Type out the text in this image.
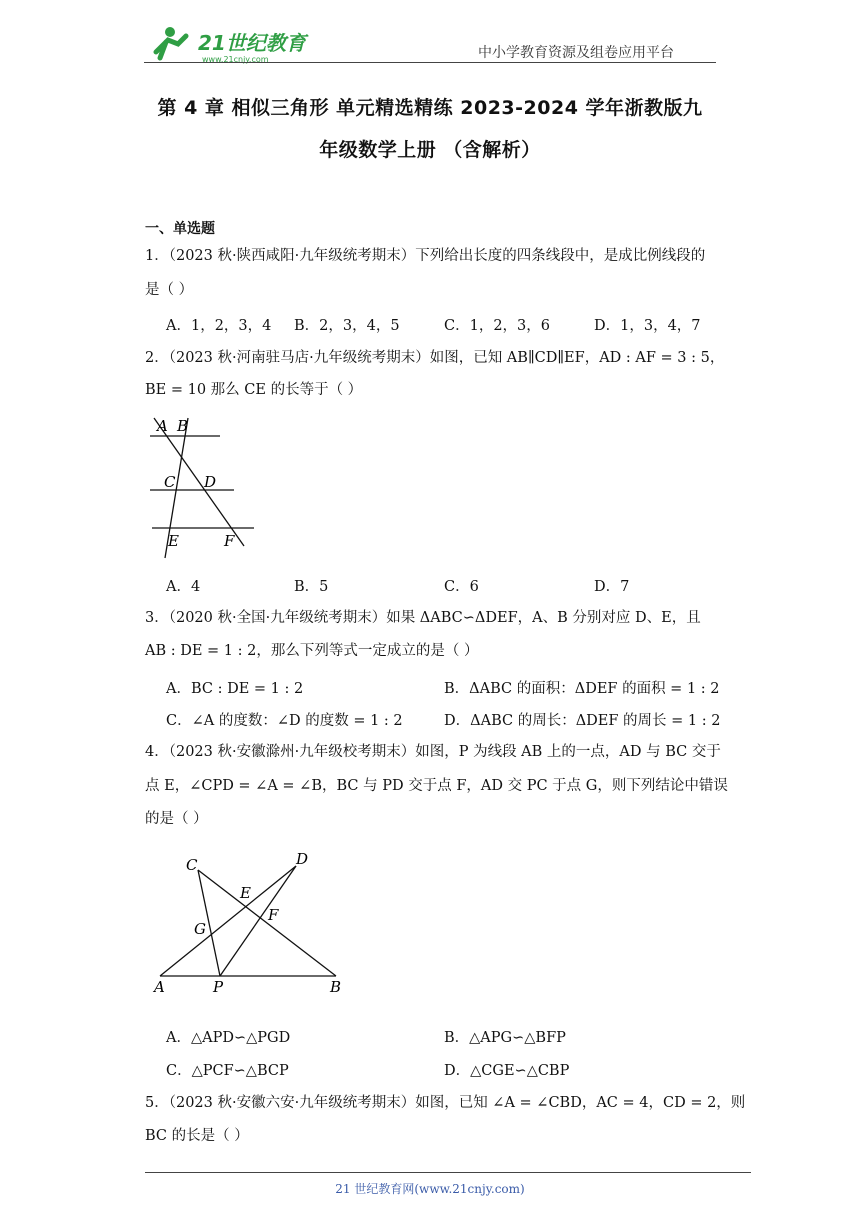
21世纪教育
www.21cnjy.com	中小学教育资源及组卷应用平台
第 4 章 相似三角形 单元精选精练 2023-2024 学年浙教版九
年级数学上册 （含解析）
一、单选题
1．（2023 秋·陕西咸阳·九年级统考期末）下列给出长度的四条线段中，是成比例线段的
是（ ）
A．1，2，3，4 B．2，3，4，5	C．1，2，3，6	D．1，3，4，7
2．（2023 秋·河南驻马店·九年级统考期末）如图，已知 AB∥CD∥EF，AD : AF = 3 : 5，
BE = 10 那么 CE 的长等于（ ）
A B
C D
E	F
A．4	B．5	C．6	D．7
3．（2020 秋·全国·九年级统考期末）如果 ΔABC∽ΔDEF，A、B 分别对应 D、E，且
AB : DE = 1 : 2，那么下列等式一定成立的是（ ）
A．BC : DE = 1 : 2	B．ΔABC 的面积：ΔDEF 的面积 = 1 : 2
C．∠A 的度数：∠D 的度数 = 1 : 2	D．ΔABC 的周长：ΔDEF 的周长 = 1 : 2
4．（2023 秋·安徽滁州·九年级校考期末）如图，P 为线段 AB 上的一点，AD 与 BC 交于
点 E，∠CPD = ∠A = ∠B，BC 与 PD 交于点 F，AD 交 PC 于点 G，则下列结论中错误
的是（ ）
C	D
E
G
F
A	P	B
A．△APD∽△PGD	B．△APG∽△BFP
C．△PCF∽△BCP	D．△CGE∽△CBP
5．（2023 秋·安徽六安·九年级统考期末）如图，已知 ∠A = ∠CBD，AC = 4，CD = 2，则
BC 的长是（ ）
21 世纪教育网(www.21cnjy.com)
